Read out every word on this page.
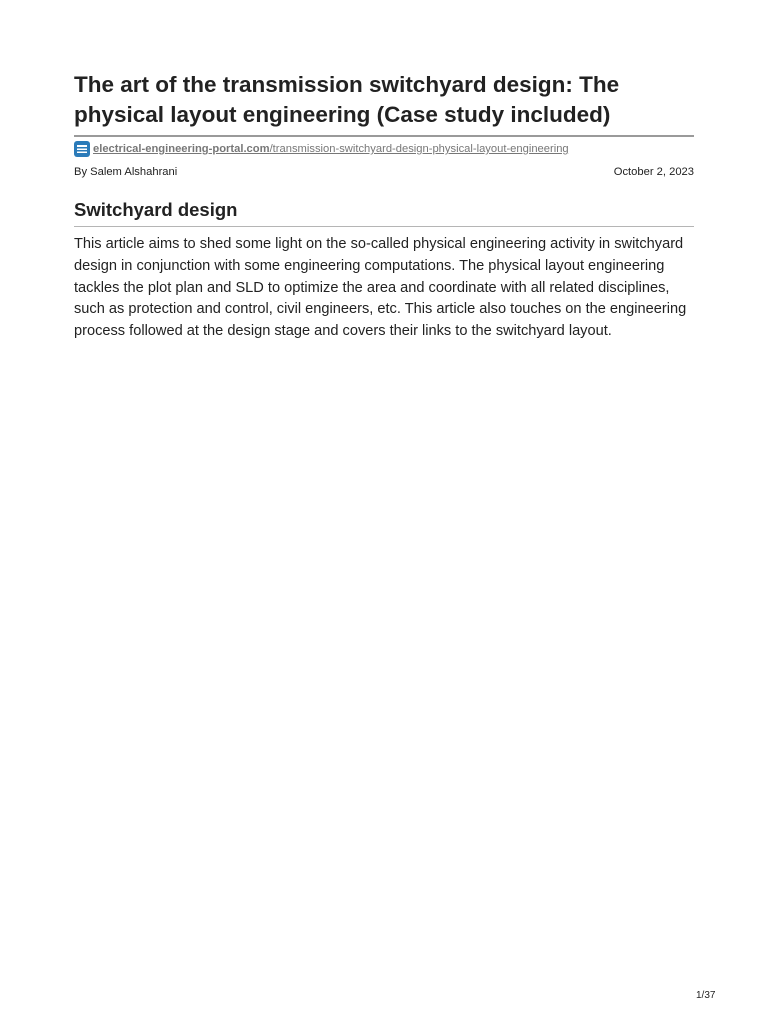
The art of the transmission switchyard design: The physical layout engineering (Case study included)
electrical-engineering-portal.com/transmission-switchyard-design-physical-layout-engineering
By Salem Alshahrani	October 2, 2023
Switchyard design

This article aims to shed some light on the so-called physical engineering activity in switchyard design in conjunction with some engineering computations. The physical layout engineering tackles the plot plan and SLD to optimize the area and coordinate with all related disciplines, such as protection and control, civil engineers, etc. This article also touches on the engineering process followed at the design stage and covers their links to the switchyard layout.

1/37
